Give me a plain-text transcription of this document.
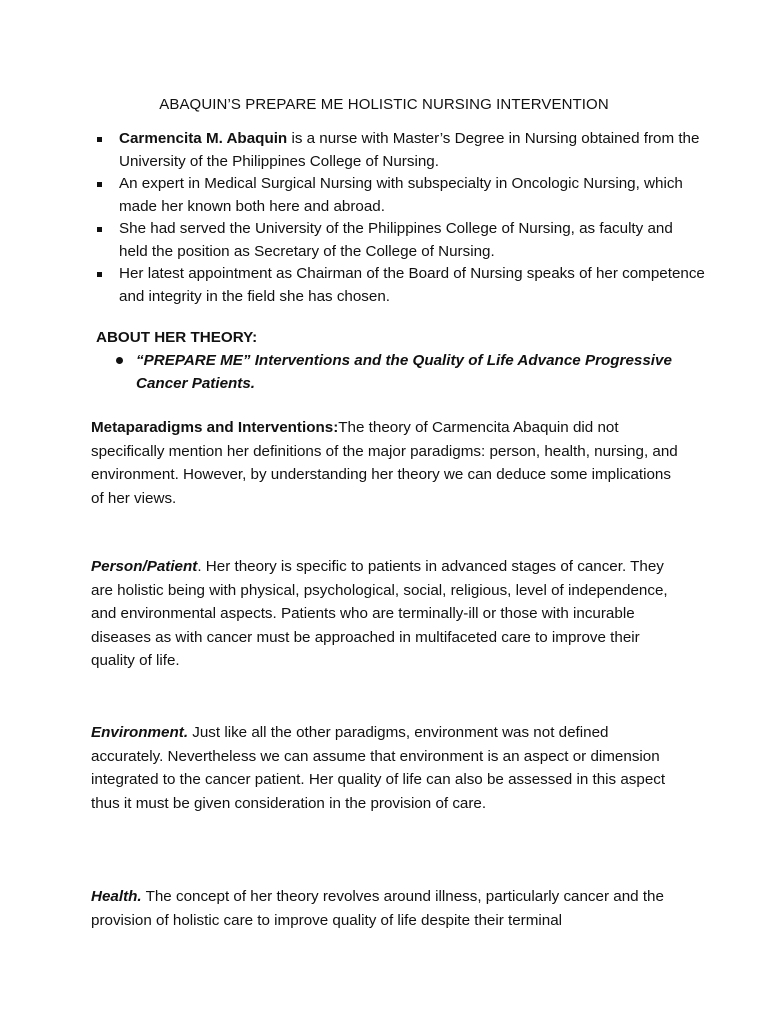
ABAQUIN’S PREPARE ME HOLISTIC NURSING INTERVENTION
Carmencita M. Abaquin is a nurse with Master’s Degree in Nursing obtained from the University of the Philippines College of Nursing.
An expert in Medical Surgical Nursing with subspecialty in Oncologic Nursing, which made her known both here and abroad.
She had served the University of the Philippines College of Nursing, as faculty and held the position as Secretary of the College of Nursing.
Her latest appointment as Chairman of the Board of Nursing speaks of her competence and integrity in the field she has chosen.
ABOUT HER THEORY:
“PREPARE ME” Interventions and the Quality of Life Advance Progressive Cancer Patients.

Metaparadigms and Interventions:The theory of Carmencita Abaquin did not specifically mention her definitions of the major paradigms: person, health, nursing, and environment. However, by understanding her theory we can deduce some implications of her views.

Person/Patient. Her theory is specific to patients in advanced stages of cancer. They are holistic being with physical, psychological, social, religious, level of independence, and environmental aspects. Patients who are terminally-ill or those with incurable diseases as with cancer must be approached in multifaceted care to improve their quality of life.

Environment. Just like all the other paradigms, environment was not defined accurately. Nevertheless we can assume that environment is an aspect or dimension integrated to the cancer patient. Her quality of life can also be assessed in this aspect thus it must be given consideration in the provision of care.

Health. The concept of her theory revolves around illness, particularly cancer and the provision of holistic care to improve quality of life despite their terminal
